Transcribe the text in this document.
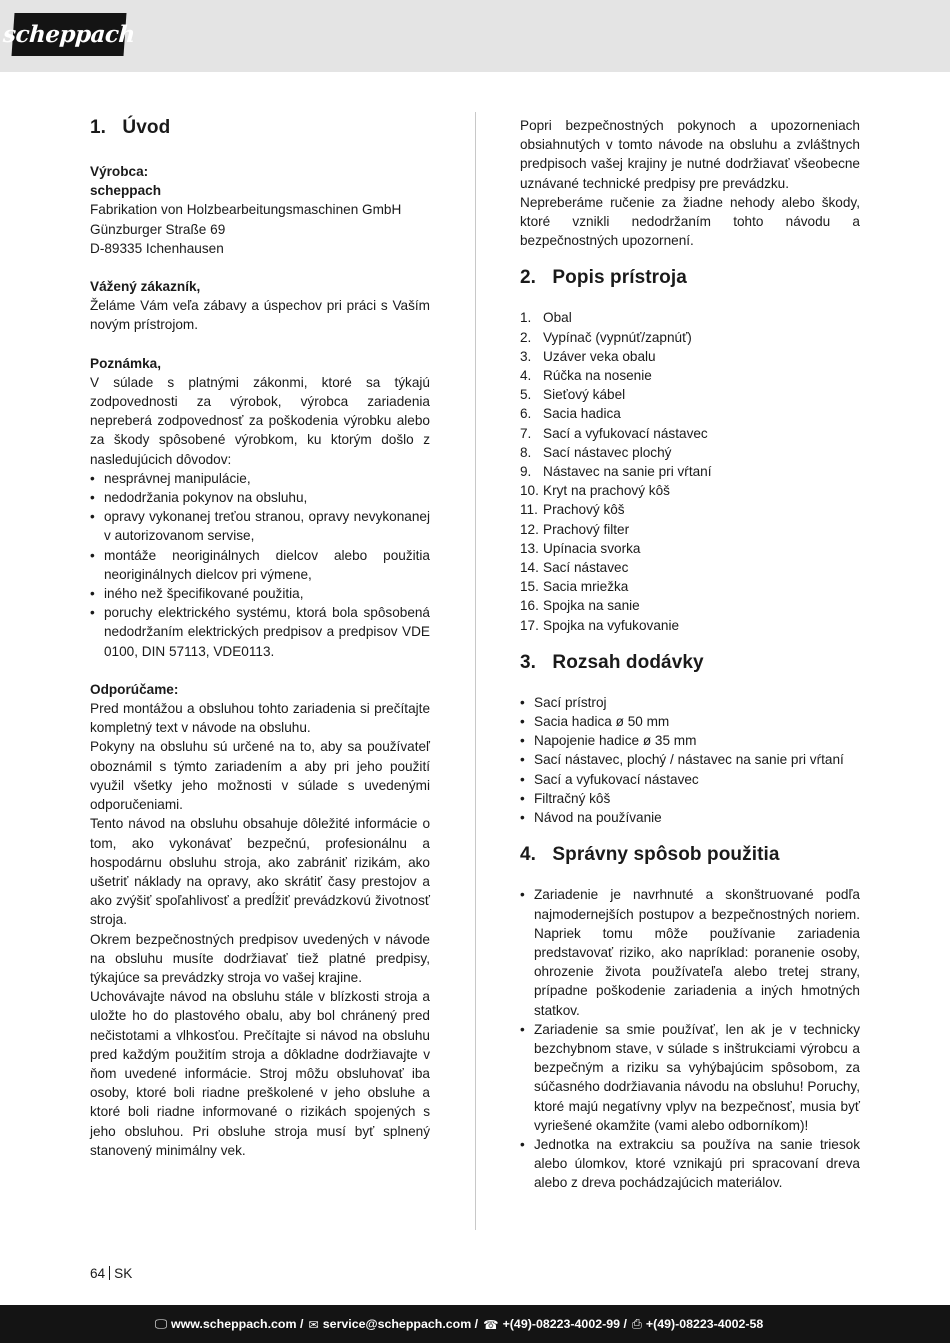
scheppach
1. Úvod

Výrobca:

scheppach

Fabrikation von Holzbearbeitungsmaschinen GmbH

Günzburger Straße 69

D-89335 Ichenhausen

Vážený zákazník,

Želáme Vám veľa zábavy a úspechov pri práci s Vaším novým prístrojom.

Poznámka,

V súlade s platnými zákonmi, ktoré sa týkajú zodpovednosti za výrobok, výrobca zariadenia nepreberá zodpovednosť za poškodenia výrobku alebo za škody spôsobené výrobkom, ku ktorým došlo z nasledujúcich dôvodov:

• nesprávnej manipulácie,
• nedodržania pokynov na obsluhu,
• opravy vykonanej treťou stranou, opravy nevykonanej v autorizovanom servise,
• montáže neoriginálnych dielcov alebo použitia neoriginálnych dielcov pri výmene,
• iného než špecifikované použitia,
• poruchy elektrického systému, ktorá bola spôsobená nedodržaním elektrických predpisov a predpisov VDE 0100, DIN 57113, VDE0113.

Odporúčame:

Pred montážou a obsluhou tohto zariadenia si prečítajte kompletný text v návode na obsluhu.

Pokyny na obsluhu sú určené na to, aby sa používateľ oboznámil s týmto zariadením a aby pri jeho použití využil všetky jeho možnosti v súlade s uvedenými odporučeniami.

Tento návod na obsluhu obsahuje dôležité informácie o tom, ako vykonávať bezpečnú, profesionálnu a hospodárnu obsluhu stroja, ako zabrániť rizikám, ako ušetriť náklady na opravy, ako skrátiť časy prestojov a ako zvýšiť spoľahlivosť a predĺžiť prevádzkovú životnosť stroja.

Okrem bezpečnostných predpisov uvedených v návode na obsluhu musíte dodržiavať tiež platné predpisy, týkajúce sa prevádzky stroja vo vašej krajine.

Uchovávajte návod na obsluhu stále v blízkosti stroja a uložte ho do plastového obalu, aby bol chránený pred nečistotami a vlhkosťou. Prečítajte si návod na obsluhu pred každým použitím stroja a dôkladne dodržiavajte v ňom uvedené informácie. Stroj môžu obsluhovať iba osoby, ktoré boli riadne preškolené v jeho obsluhe a ktoré boli riadne informované o rizikách spojených s jeho obsluhou. Pri obsluhe stroja musí byť splnený stanovený minimálny vek.

Popri bezpečnostných pokynoch a upozorneniach obsiahnutých v tomto návode na obsluhu a zvláštnych predpisoch vašej krajiny je nutné dodržiavať všeobecne uznávané technické predpisy pre prevádzku.

Nepreberáme ručenie za žiadne nehody alebo škody, ktoré vznikli nedodržaním tohto návodu a bezpečnostných upozornení.

2. Popis prístroja
1. Obal
2. Vypínač (vypnúť/zapnúť)
3. Uzáver veka obalu
4. Rúčka na nosenie
5. Sieťový kábel
6. Sacia hadica
7. Sací a vyfukovací nástavec
8. Sací nástavec plochý
9. Nástavec na sanie pri vŕtaní
10. Kryt na prachový kôš
11. Prachový kôš
12. Prachový filter
13. Upínacia svorka
14. Sací nástavec
15. Sacia mriežka
16. Spojka na sanie
17. Spojka na vyfukovanie
3. Rozsah dodávky
• Sací prístroj
• Sacia hadica ø 50 mm
• Napojenie hadice ø 35 mm
• Sací nástavec, plochý / nástavec na sanie pri vŕtaní
• Sací a vyfukovací nástavec
• Filtračný kôš
• Návod na používanie
4. Správny spôsob použitia
• Zariadenie je navrhnuté a skonštruované podľa najmodernejších postupov a bezpečnostných noriem. Napriek tomu môže používanie zariadenia predstavovať riziko, ako napríklad: poranenie osoby, ohrozenie života používateľa alebo tretej strany, prípadne poškodenie zariadenia a iných hmotných statkov.
• Zariadenie sa smie používať, len ak je v technicky bezchybnom stave, v súlade s inštrukciami výrobcu a bezpečným a riziku sa vyhýbajúcim spôsobom, za súčasného dodržiavania návodu na obsluhu! Poruchy, ktoré majú negatívny vplyv na bezpečnosť, musia byť vyriešené okamžite (vami alebo odborníkom)!
• Jednotka na extrakciu sa používa na sanie triesok alebo úlomkov, ktoré vznikajú pri spracovaní dreva alebo z dreva pochádzajúcich materiálov.
64 SK
🖵 www.scheppach.com / ✉ service@scheppach.com / ☎ +(49)-08223-4002-99 / ⎙ +(49)-08223-4002-58
